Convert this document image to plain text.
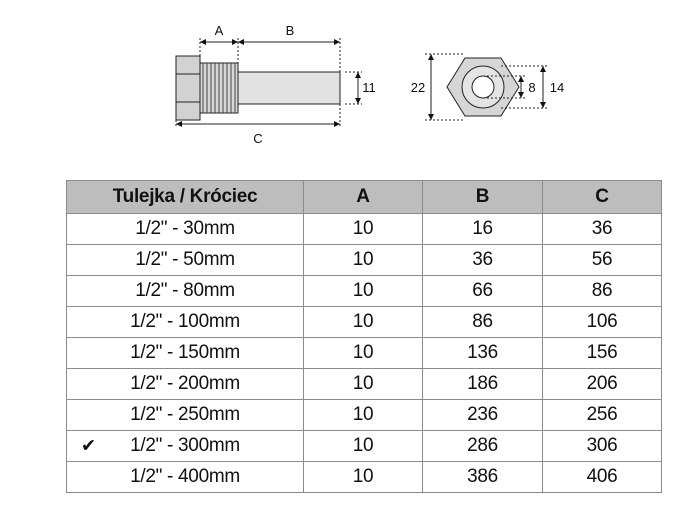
A	B
C
11	22	8 14
Tulejka / Króciec	A	B	C
1/2" - 30mm	10	16	36
1/2" - 50mm	10	36	56
1/2" - 80mm	10	66	86
1/2" - 100mm	10	86	106
1/2" - 150mm	10	136	156
1/2" - 200mm	10	186	206
1/2" - 250mm	10	236	256

✔ 1/2" - 300mm	10	286	306
1/2" - 400mm	10	386	406
